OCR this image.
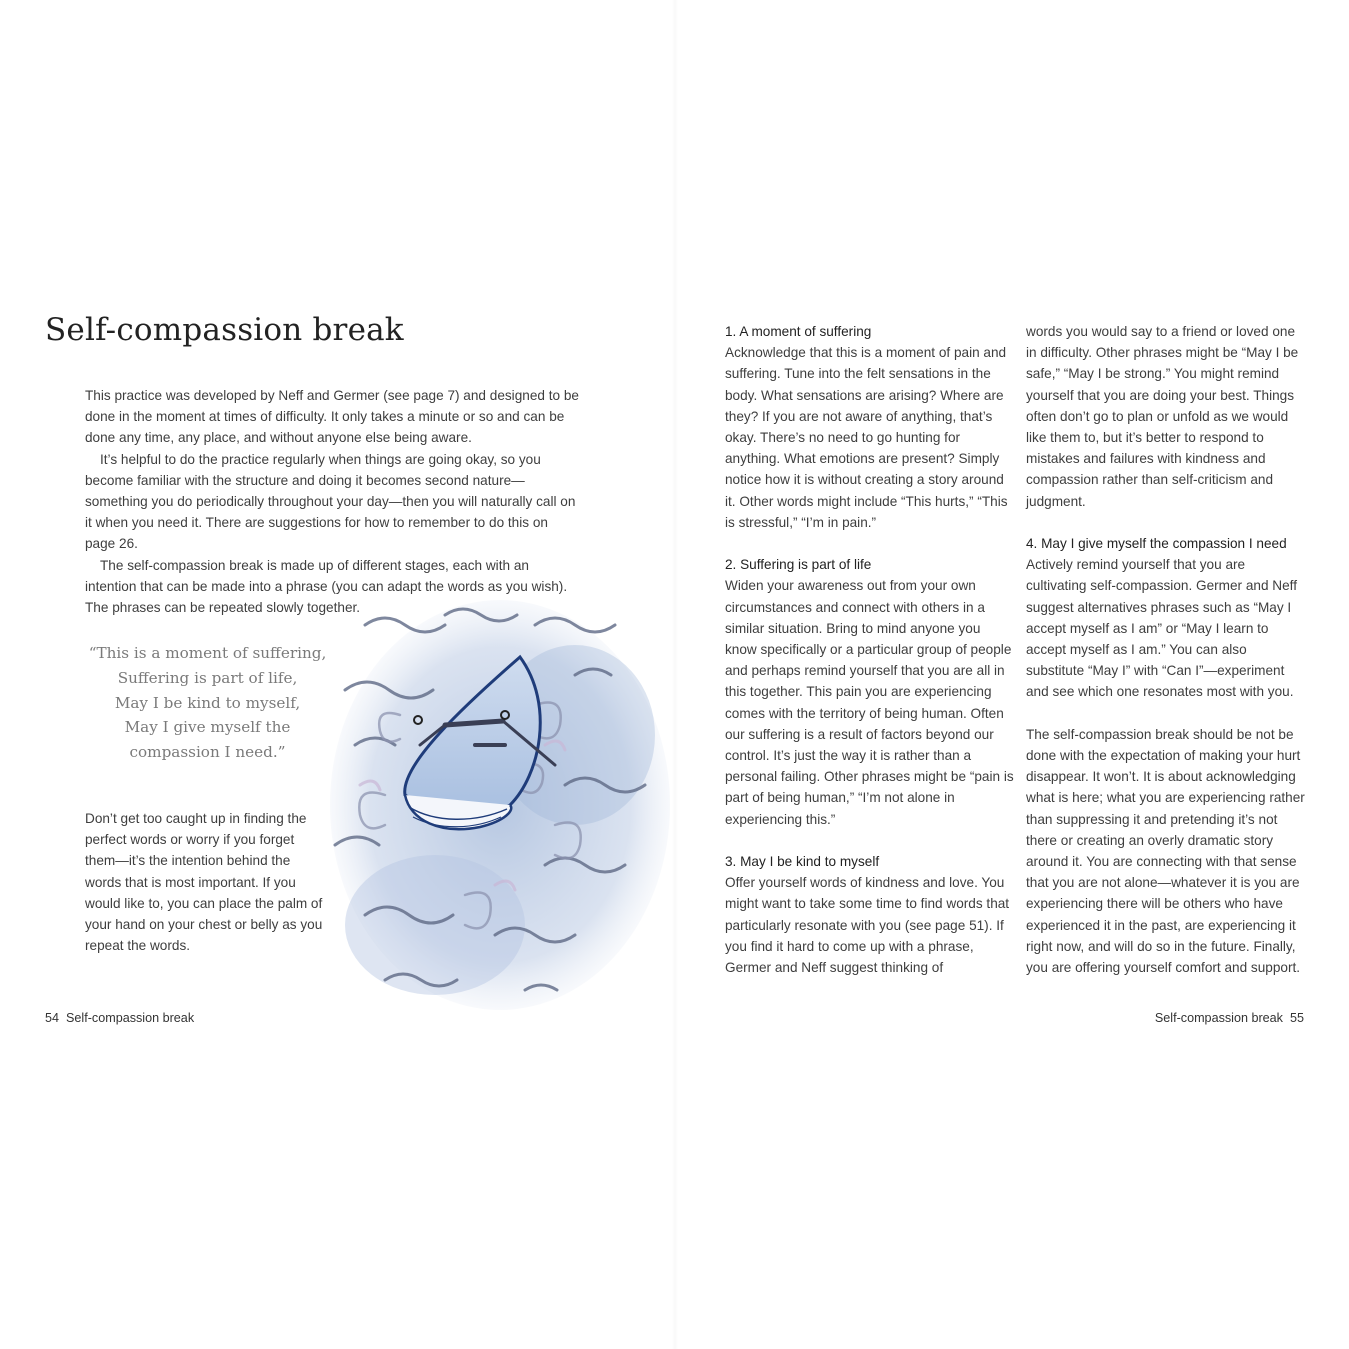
Self-compassion break

This practice was developed by Neff and Germer (see page 7) and designed to be done in the moment at times of difficulty. It only takes a minute or so and can be done any time, any place, and without anyone else being aware.

It’s helpful to do the practice regularly when things are going okay, so you become familiar with the structure and doing it becomes second nature—something you do periodically throughout your day—then you will naturally call on it when you need it. There are suggestions for how to remember to do this on page 26.

The self-compassion break is made up of different stages, each with an intention that can be made into a phrase (you can adapt the words as you wish). The phrases can be repeated slowly together.

“This is a moment of suffering,
Suffering is part of life,
May I be kind to myself,
May I give myself the
compassion I need.”

Don’t get too caught up in finding the perfect words or worry if you forget them—it’s the intention behind the words that is most important. If you would like to, you can place the palm of your hand on your chest or belly as you repeat the words.

54 Self-compassion break

1. A moment of suffering

Acknowledge that this is a moment of pain and suffering. Tune into the felt sensations in the body. What sensations are arising? Where are they? If you are not aware of anything, that’s okay. There’s no need to go hunting for anything. What emotions are present? Simply notice how it is without creating a story around it. Other words might include “This hurts,” “This is stressful,” “I’m in pain.”

2. Suffering is part of life

Widen your awareness out from your own circumstances and connect with others in a similar situation. Bring to mind anyone you know specifically or a particular group of people and perhaps remind yourself that you are all in this together. This pain you are experiencing comes with the territory of being human. Often our suffering is a result of factors beyond our control. It’s just the way it is rather than a personal failing. Other phrases might be “pain is part of being human,” “I’m not alone in experiencing this.”

3. May I be kind to myself

Offer yourself words of kindness and love. You might want to take some time to find words that particularly resonate with you (see page 51). If you find it hard to come up with a phrase, Germer and Neff suggest thinking of

words you would say to a friend or loved one in difficulty. Other phrases might be “May I be safe,” “May I be strong.” You might remind yourself that you are doing your best. Things often don’t go to plan or unfold as we would like them to, but it’s better to respond to mistakes and failures with kindness and compassion rather than self-criticism and judgment.

4. May I give myself the compassion I need

Actively remind yourself that you are cultivating self-compassion. Germer and Neff suggest alternatives phrases such as “May I accept myself as I am” or “May I learn to accept myself as I am.” You can also substitute “May I” with “Can I”—experiment and see which one resonates most with you.

The self-compassion break should be not be done with the expectation of making your hurt disappear. It won’t. It is about acknowledging what is here; what you are experiencing rather than suppressing it and pretending it’s not there or creating an overly dramatic story around it. You are connecting with that sense that you are not alone—whatever it is you are experiencing there will be others who have experienced it in the past, are experiencing it right now, and will do so in the future. Finally, you are offering yourself comfort and support.

Self-compassion break 55
